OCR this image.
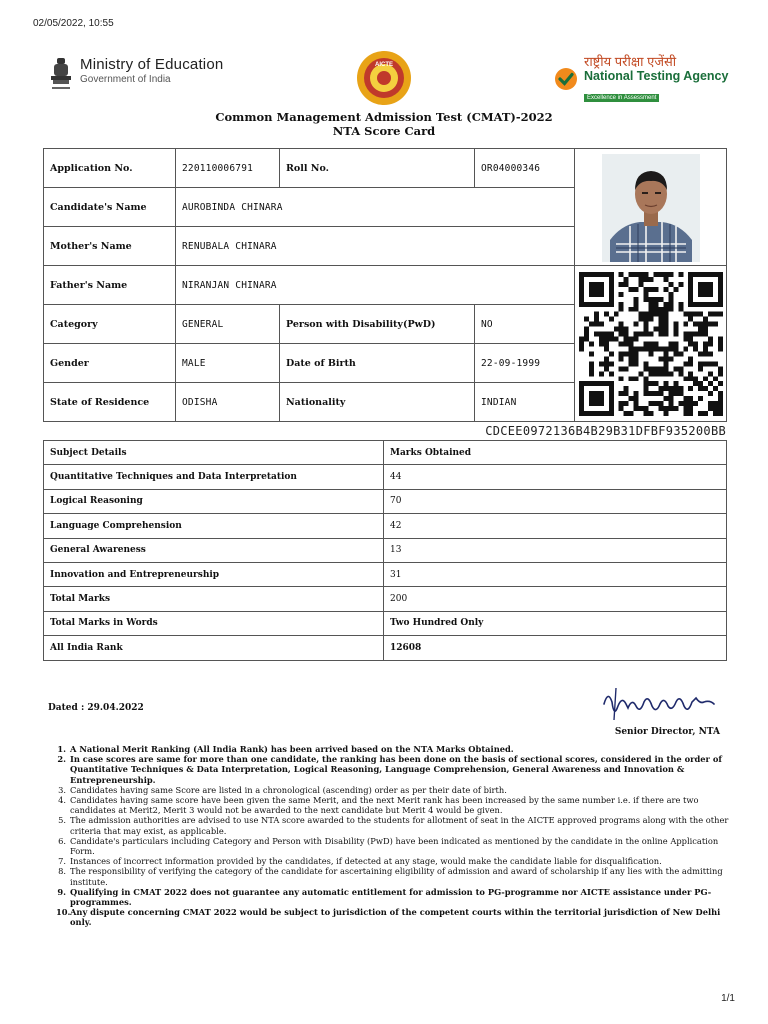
02/05/2022, 10:55
Ministry of Education
Government of India
AICTE	राष्ट्रीय परीक्षा एजेंसी
National Testing Agency
Excellence in Assessment
Common Management Admission Test (CMAT)-2022
NTA Score Card
Application No.	220110006791	Roll No.	OR04000346	

Candidate's Name	AUROBINDA CHINARA			
Mother's Name	RENUBALA CHINARA			
Father's Name	NIRANJAN CHINARA	

Category	GENERAL	Person with Disability(PwD)	NO	
Gender	MALE	Date of Birth	22-09-1999	
State of Residence	ODISHA	Nationality	INDIAN	
CDCEE0972136B4B29B31DFBF935200BB
Subject Details	Marks Obtained
Quantitative Techniques and Data Interpretation	44
Logical Reasoning	70
Language Comprehension	42
General Awareness	13
Innovation and Entrepreneurship	31
Total Marks	200
Total Marks in Words	Two Hundred Only
All India Rank	12608
Dated : 29.04.2022
Senior Director, NTA
1. A National Merit Ranking (All India Rank) has been arrived based on the NTA Marks Obtained.
2. In case scores are same for more than one candidate, the ranking has been done on the basis of sectional scores, considered in the order of Quantitative Techniques & Data Interpretation, Logical Reasoning, Language Comprehension, General Awareness and Innovation & Entrepreneurship.
3. Candidates having same Score are listed in a chronological (ascending) order as per their date of birth.
4. Candidates having same score have been given the same Merit, and the next Merit rank has been increased by the same number i.e. if there are two candidates at Merit2, Merit 3 would not be awarded to the next candidate but Merit 4 would be given.
5. The admission authorities are advised to use NTA score awarded to the students for allotment of seat in the AICTE approved programs along with the other criteria that may exist, as applicable.
6. Candidate's particulars including Category and Person with Disability (PwD) have been indicated as mentioned by the candidate in the online Application Form.
7. Instances of incorrect information provided by the candidates, if detected at any stage, would make the candidate liable for disqualification.
8. The responsibility of verifying the category of the candidate for ascertaining eligibility of admission and award of scholarship if any lies with the admitting institute.
9. Qualifying in CMAT 2022 does not guarantee any automatic entitlement for admission to PG-programme nor AICTE assistance under PG-programmes.
10.Any dispute concerning CMAT 2022 would be subject to jurisdiction of the competent courts within the territorial jurisdiction of New Delhi only.
1/1
